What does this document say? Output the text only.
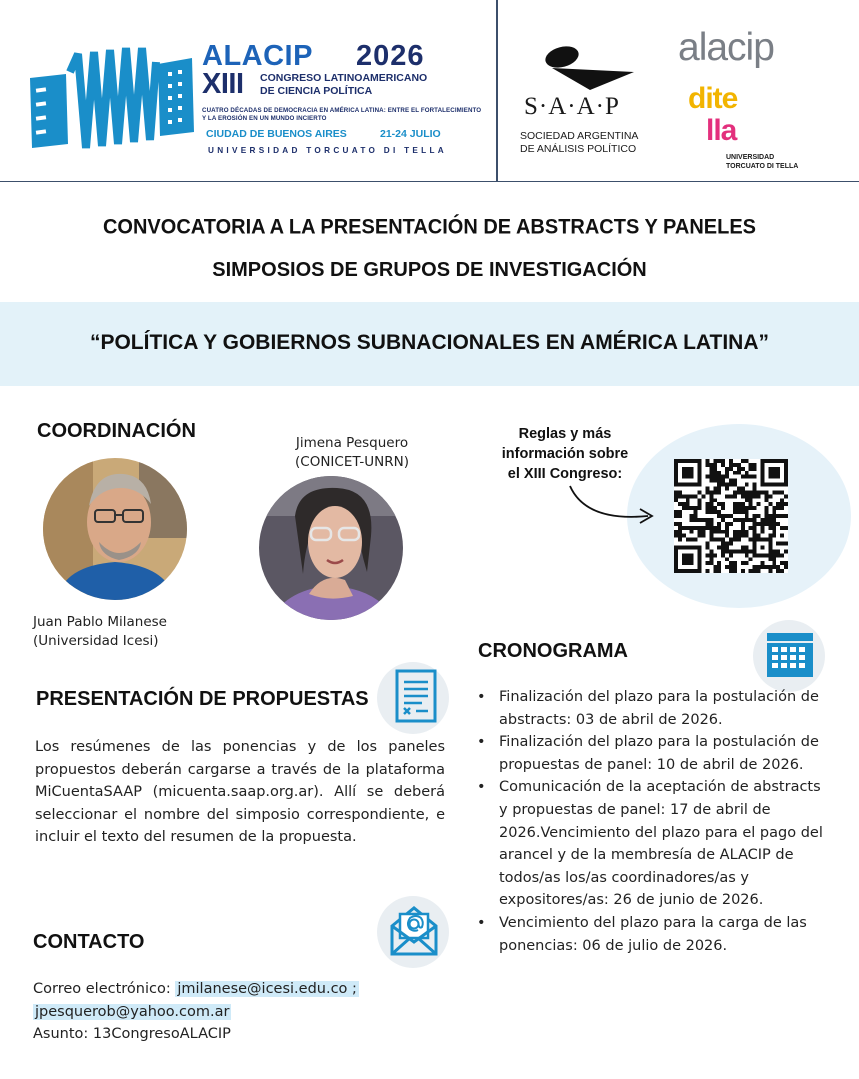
ALACIP 2026
XIII CONGRESO LATINOAMERICANO
DE CIENCIA POLÍTICA
CUATRO DÉCADAS DE DEMOCRACIA EN AMÉRICA LATINA: ENTRE EL FORTALECIMIENTO Y LA EROSIÓN EN UN MUNDO INCIERTO
CIUDAD DE BUENOS AIRES	21-24 JULIO
UNIVERSIDAD TORCUATO DI TELLA
S·A·A·P
SOCIEDAD ARGENTINA
DE ANÁLISIS POLÍTICO
alacip
dite
lla
UNIVERSIDAD
TORCUATO DI TELLA
CONVOCATORIA A LA PRESENTACIÓN DE ABSTRACTS Y PANELES
SIMPOSIOS DE GRUPOS DE INVESTIGACIÓN
“POLÍTICA Y GOBIERNOS SUBNACIONALES EN AMÉRICA LATINA”
COORDINACIÓN
Juan Pablo Milanese
(Universidad Icesi)
Jimena Pesquero
(CONICET-UNRN)
Reglas y más
información sobre
el XIII Congreso:
PRESENTACIÓN DE PROPUESTAS

Los resúmenes de las ponencias y de los paneles propuestos deberán cargarse a través de la plataforma MiCuentaSAAP (micuenta.saap.org.ar). Allí se deberá seleccionar el nombre del simposio correspondiente, e incluir el texto del resumen de la propuesta.

CRONOGRAMA
• Finalización del plazo para la postulación de abstracts: 03 de abril de 2026.
• Finalización del plazo para la postulación de propuestas de panel: 10 de abril de 2026.
• Comunicación de la aceptación de abstracts y propuestas de panel: 17 de abril de 2026.Vencimiento del plazo para el pago del arancel y de la membresía de ALACIP de todos/as los/as coordinadores/as y expositores/as: 26 de junio de 2026.
• Vencimiento del plazo para la carga de las ponencias: 06 de julio de 2026.
CONTACTO
Correo electrónico: jmilanese@icesi.edu.co ;
jpesquerob@yahoo.com.ar
Asunto: 13CongresoALACIP
